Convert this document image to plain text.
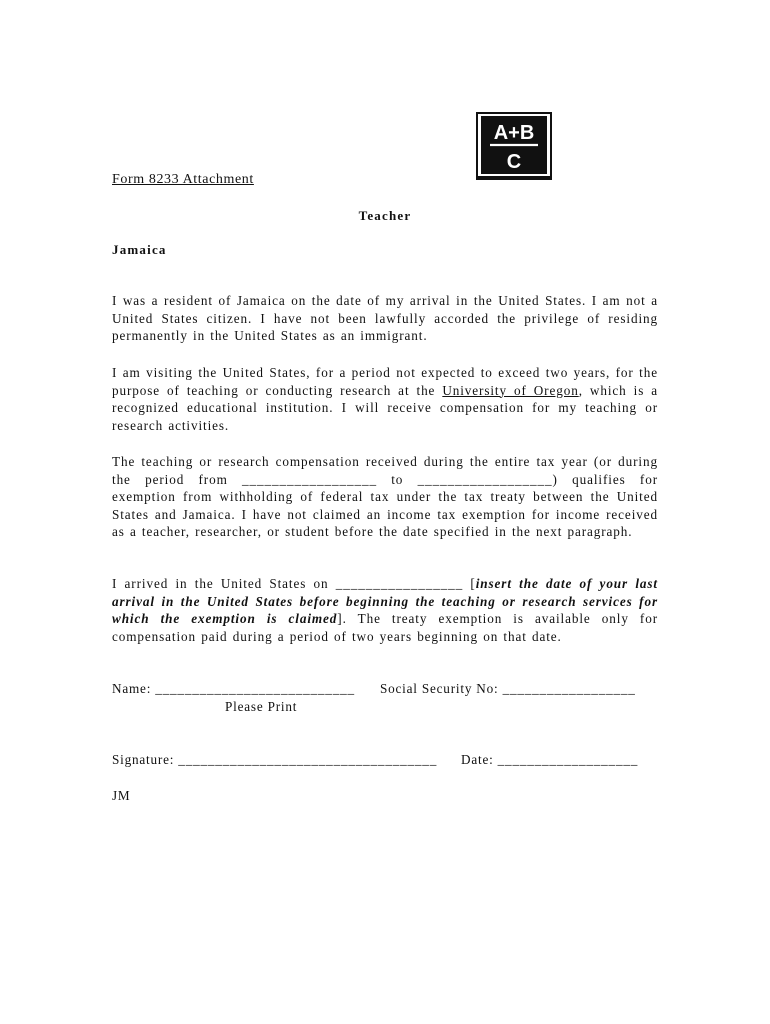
A+B
C
Form 8233 Attachment
Teacher
Jamaica
I was a resident of Jamaica on the date of my arrival in the United States. I am not a United States citizen. I have not been lawfully accorded the privilege of residing permanently in the United States as an immigrant.
I am visiting the United States, for a period not expected to exceed two years, for the purpose of teaching or conducting research at the University of Oregon, which is a recognized educational institution. I will receive compensation for my teaching or research activities.
The teaching or research compensation received during the entire tax year (or during the period from __________________ to __________________) qualifies for exemption from withholding of federal tax under the tax treaty between the United States and Jamaica. I have not claimed an income tax exemption for income received as a teacher, researcher, or student before the date specified in the next paragraph.
I arrived in the United States on _________________ [insert the date of your last arrival in the United States before beginning the teaching or research services for which the exemption is claimed]. The treaty exemption is available only for compensation paid during a period of two years beginning on that date.
Name: ___________________________ Social Security No: __________________
Please Print
Signature: ___________________________________ Date: ___________________
JM
